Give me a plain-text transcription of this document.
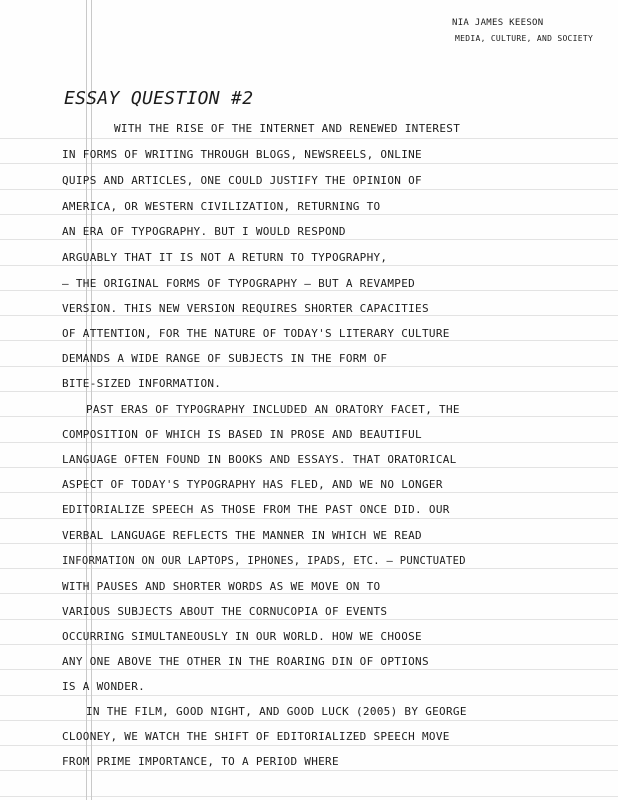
NIA JAMES KEESON
MEDIA, CULTURE, AND SOCIETY
ESSAY QUESTION #2
WITH THE RISE OF THE INTERNET AND RENEWED INTEREST
IN FORMS OF WRITING THROUGH BLOGS, NEWSREELS, ONLINE
QUIPS AND ARTICLES, ONE COULD JUSTIFY THE OPINION OF
AMERICA, OR WESTERN CIVILIZATION, RETURNING TO
AN ERA OF TYPOGRAPHY. BUT I WOULD RESPOND
ARGUABLY THAT IT IS NOT A RETURN TO TYPOGRAPHY,
— THE ORIGINAL FORMS OF TYPOGRAPHY — BUT A REVAMPED
VERSION. THIS NEW VERSION REQUIRES SHORTER CAPACITIES
OF ATTENTION, FOR THE NATURE OF TODAY'S LITERARY CULTURE
DEMANDS A WIDE RANGE OF SUBJECTS IN THE FORM OF
BITE-SIZED INFORMATION.
PAST ERAS OF TYPOGRAPHY INCLUDED AN ORATORY FACET, THE
COMPOSITION OF WHICH IS BASED IN PROSE AND BEAUTIFUL
LANGUAGE OFTEN FOUND IN BOOKS AND ESSAYS. THAT ORATORICAL
ASPECT OF TODAY'S TYPOGRAPHY HAS FLED, AND WE NO LONGER
EDITORIALIZE SPEECH AS THOSE FROM THE PAST ONCE DID. OUR
VERBAL LANGUAGE REFLECTS THE MANNER IN WHICH WE READ
INFORMATION ON OUR LAPTOPS, IPHONES, IPADS, ETC. — PUNCTUATED
WITH PAUSES AND SHORTER WORDS AS WE MOVE ON TO
VARIOUS SUBJECTS ABOUT THE CORNUCOPIA OF EVENTS
OCCURRING SIMULTANEOUSLY IN OUR WORLD. HOW WE CHOOSE
ANY ONE ABOVE THE OTHER IN THE ROARING DIN OF OPTIONS
IS A WONDER.
IN THE FILM, GOOD NIGHT, AND GOOD LUCK (2005) BY GEORGE
CLOONEY, WE WATCH THE SHIFT OF EDITORIALIZED SPEECH MOVE
FROM PRIME IMPORTANCE, TO A PERIOD WHERE
